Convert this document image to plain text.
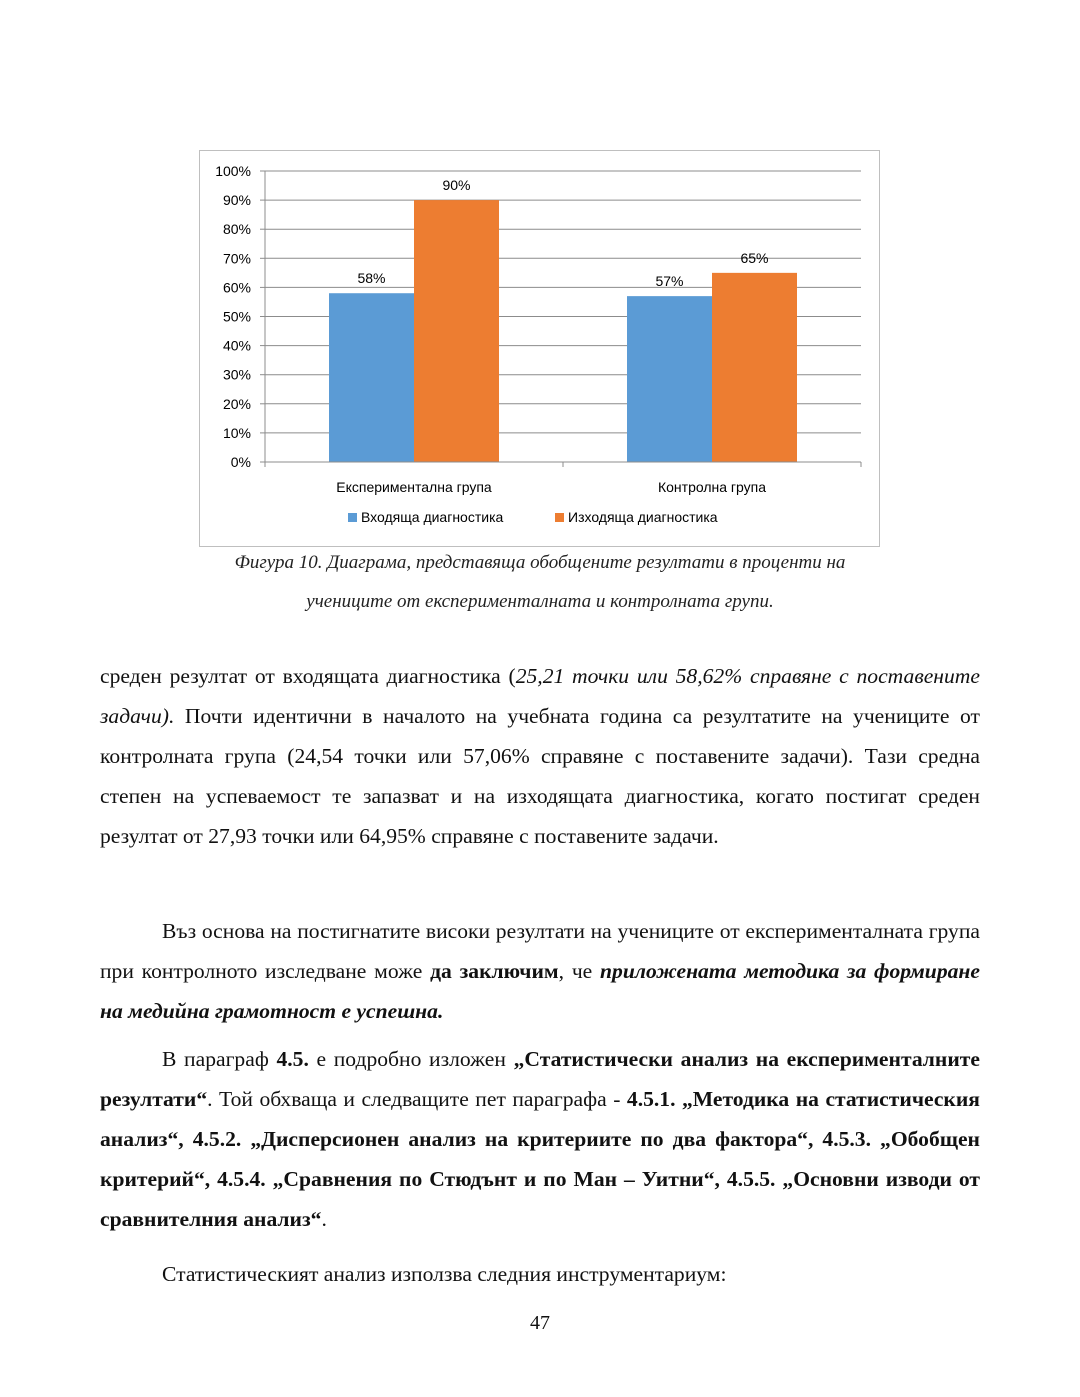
58%
90%
57%
65%
0%
10%
20%
30%
40%
50%
60%
70%
80%
90%
100%
Експериментална група	Контролна група
Входяща диагностика	Изходяща диагностика
Фигура 10. Диаграма, представяща обобщените резултати в проценти на
учениците от експерименталната и контролната групи.

среден резултат от входящата диагностика (25,21 точки или 58,62% справяне с поставените задачи). Почти идентични в началото на учебната година са резултатите на учениците от контролната група (24,54 точки или 57,06% справяне с поставените задачи). Тази средна степен на успеваемост те запазват и на изходящата диагностика, когато постигат среден резултат от 27,93 точки или 64,95% справяне с поставените задачи.

Въз основа на постигнатите високи резултати на учениците от експерименталната група при контролното изследване може да заключим, че приложената методика за формиране на медийна грамотност е успешна.

В параграф 4.5. е подробно изложен „Статистически анализ на експерименталните резултати“. Той обхваща и следващите пет параграфа - 4.5.1. „Методика на статистическия анализ“, 4.5.2. „Дисперсионен анализ на критериите по два фактора“, 4.5.3. „Обобщен критерий“, 4.5.4. „Сравнения по Стюдънт и по Ман – Уитни“, 4.5.5. „Основни изводи от сравнителния анализ“.

Статистическият анализ използва следния инструментариум:

47
